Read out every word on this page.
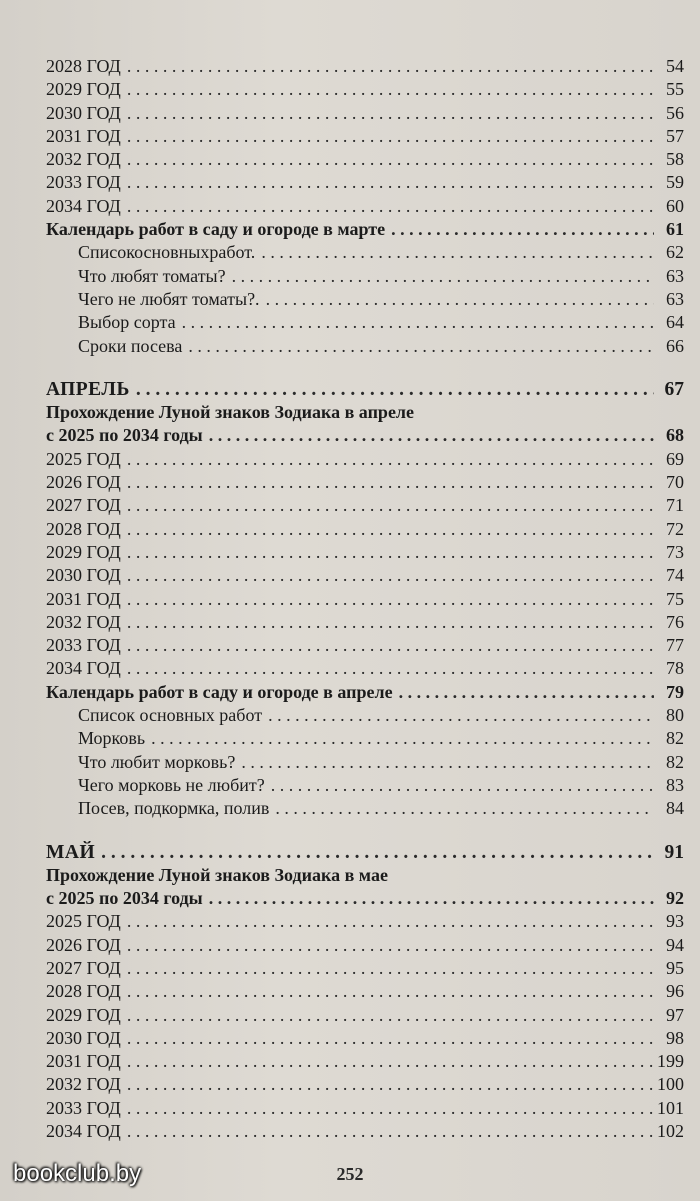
2028 ГОД . . .	54
2029 ГОД . . .	55
2030 ГОД . . .	56
2031 ГОД . . .	57
2032 ГОД . . .	58
2033 ГОД . . .	59
2034 ГОД . . .	60
Календарь работ в саду и огороде в марте . . .	61
Списокосновныхработ. . . .	62
Что любят томаты? . . .	63
Чего не любят томаты?. . . .	63
Выбор сорта . . .	64
Сроки посева . . .	66
АПРЕЛЬ . . .	67
Прохождение Луной знаков Зодиака в апреле
с 2025 по 2034 годы . . .	68
2025 ГОД . . .	69
2026 ГОД . . .	70
2027 ГОД . . .	71
2028 ГОД . . .	72
2029 ГОД . . .	73
2030 ГОД . . .	74
2031 ГОД . . .	75
2032 ГОД . . .	76
2033 ГОД . . .	77
2034 ГОД . . .	78
Календарь работ в саду и огороде в апреле . . .	79
Список основных работ . . .	80
Морковь . . .	82
Что любит морковь? . . .	82
Чего морковь не любит? . . .	83
Посев, подкормка, полив . . .	84
МАЙ . . .	91
Прохождение Луной знаков Зодиака в мае
с 2025 по 2034 годы . . .	92
2025 ГОД . . .	93
2026 ГОД . . .	94
2027 ГОД . . .	95
2028 ГОД . . .	96
2029 ГОД . . .	97
2030 ГОД . . .	98
2031 ГОД . . .	199
2032 ГОД . . .	100
2033 ГОД . . .	101
2034 ГОД . . .	102
bookclub.by	252
